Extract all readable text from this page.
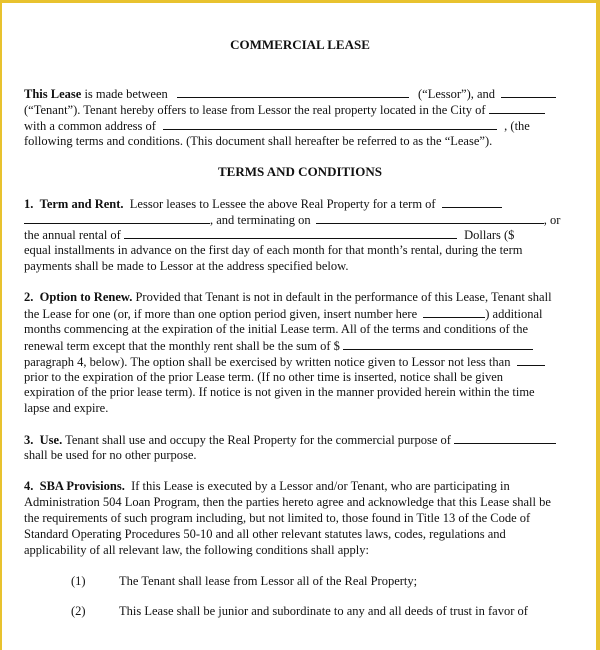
COMMERCIAL LEASE
This Lease is made between	(“Lessor”), and
(“Tenant”). Tenant hereby offers to lease from Lessor the real property located in the City of
with a common address of	, (the
following terms and conditions. (This document shall hereafter be referred to as the “Lease”).
TERMS AND CONDITIONS
1. Term and Rent. Lessor leases to Lessee the above Real Property for a term of
, and terminating on	, or
the annual rental of	Dollars ($
equal installments in advance on the first day of each month for that month’s rental, during the term
payments shall be made to Lessor at the address specified below.
2. Option to Renew. Provided that Tenant is not in default in the performance of this Lease, Tenant shall
the Lease for one (or, if more than one option period given, insert number here	) additional
months commencing at the expiration of the initial Lease term. All of the terms and conditions of the
renewal term except that the monthly rent shall be the sum of $
paragraph 4, below). The option shall be exercised by written notice given to Lessor not less than
prior to the expiration of the prior Lease term. (If no other time is inserted, notice shall be given
expiration of the prior lease term). If notice is not given in the manner provided herein within the time
lapse and expire.
3. Use. Tenant shall use and occupy the Real Property for the commercial purpose of
shall be used for no other purpose.
4. SBA Provisions. If this Lease is executed by a Lessor and/or Tenant, who are participating in
Administration 504 Loan Program, then the parties hereto agree and acknowledge that this Lease shall be
the requirements of such program including, but not limited to, those found in Title 13 of the Code of
Standard Operating Procedures 50-10 and all other relevant statutes laws, codes, regulations and
applicability of all relevant law, the following conditions shall apply:
(1)	The Tenant shall lease from Lessor all of the Real Property;
(2)	This Lease shall be junior and subordinate to any and all deeds of trust in favor of
